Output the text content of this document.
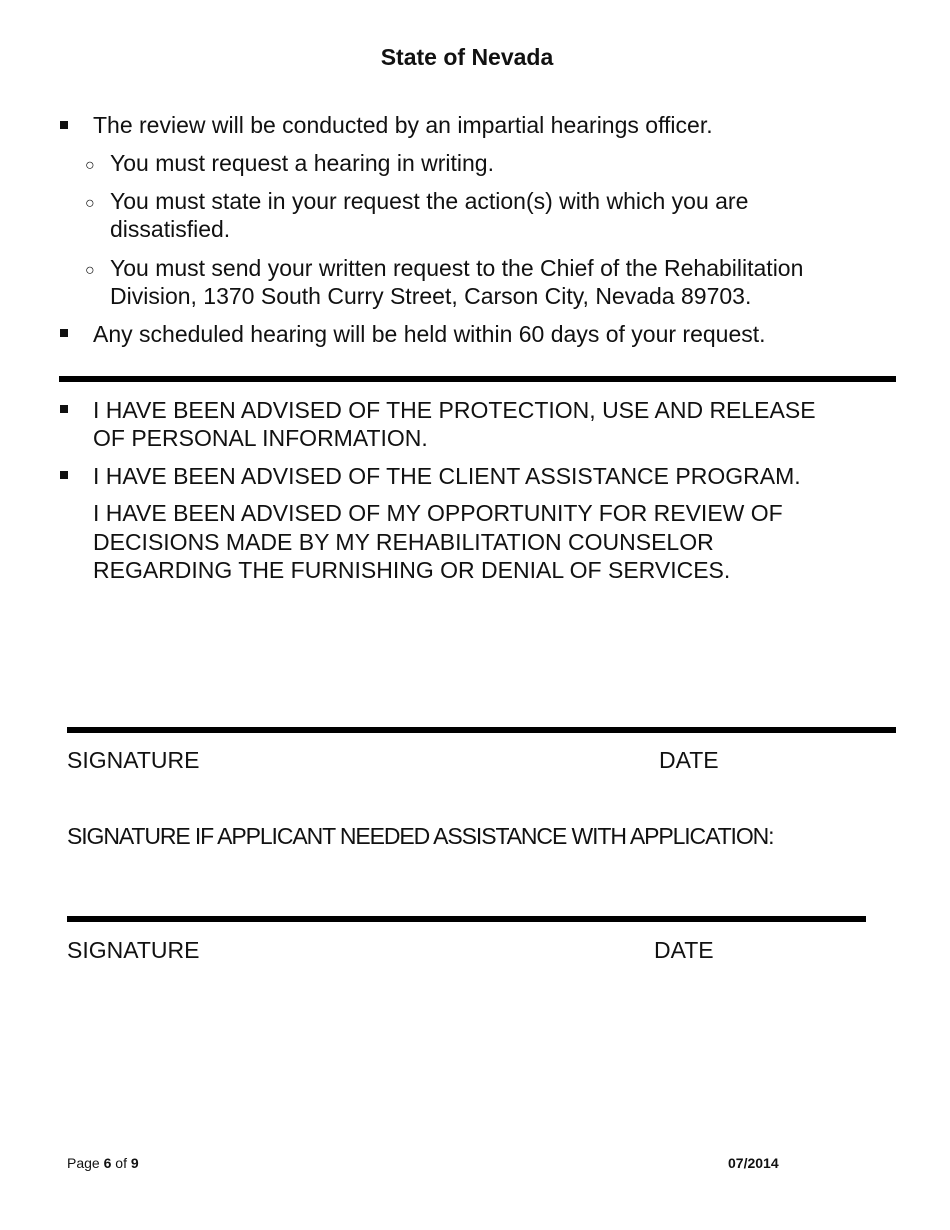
State of Nevada
The review will be conducted by an impartial hearings officer.
○ You must request a hearing in writing.
○ You must state in your request the action(s) with which you are
dissatisfied.
○ You must send your written request to the Chief of the Rehabilitation
Division, 1370 South Curry Street, Carson City, Nevada 89703.
Any scheduled hearing will be held within 60 days of your request.
I HAVE BEEN ADVISED OF THE PROTECTION, USE AND RELEASE
OF PERSONAL INFORMATION.
I HAVE BEEN ADVISED OF THE CLIENT ASSISTANCE PROGRAM.
I HAVE BEEN ADVISED OF MY OPPORTUNITY FOR REVIEW OF
DECISIONS MADE BY MY REHABILITATION COUNSELOR
REGARDING THE FURNISHING OR DENIAL OF SERVICES.
SIGNATURE	DATE
SIGNATURE IF APPLICANT NEEDED ASSISTANCE WITH APPLICATION:
SIGNATURE	DATE
Page 6 of 9	07/2014
